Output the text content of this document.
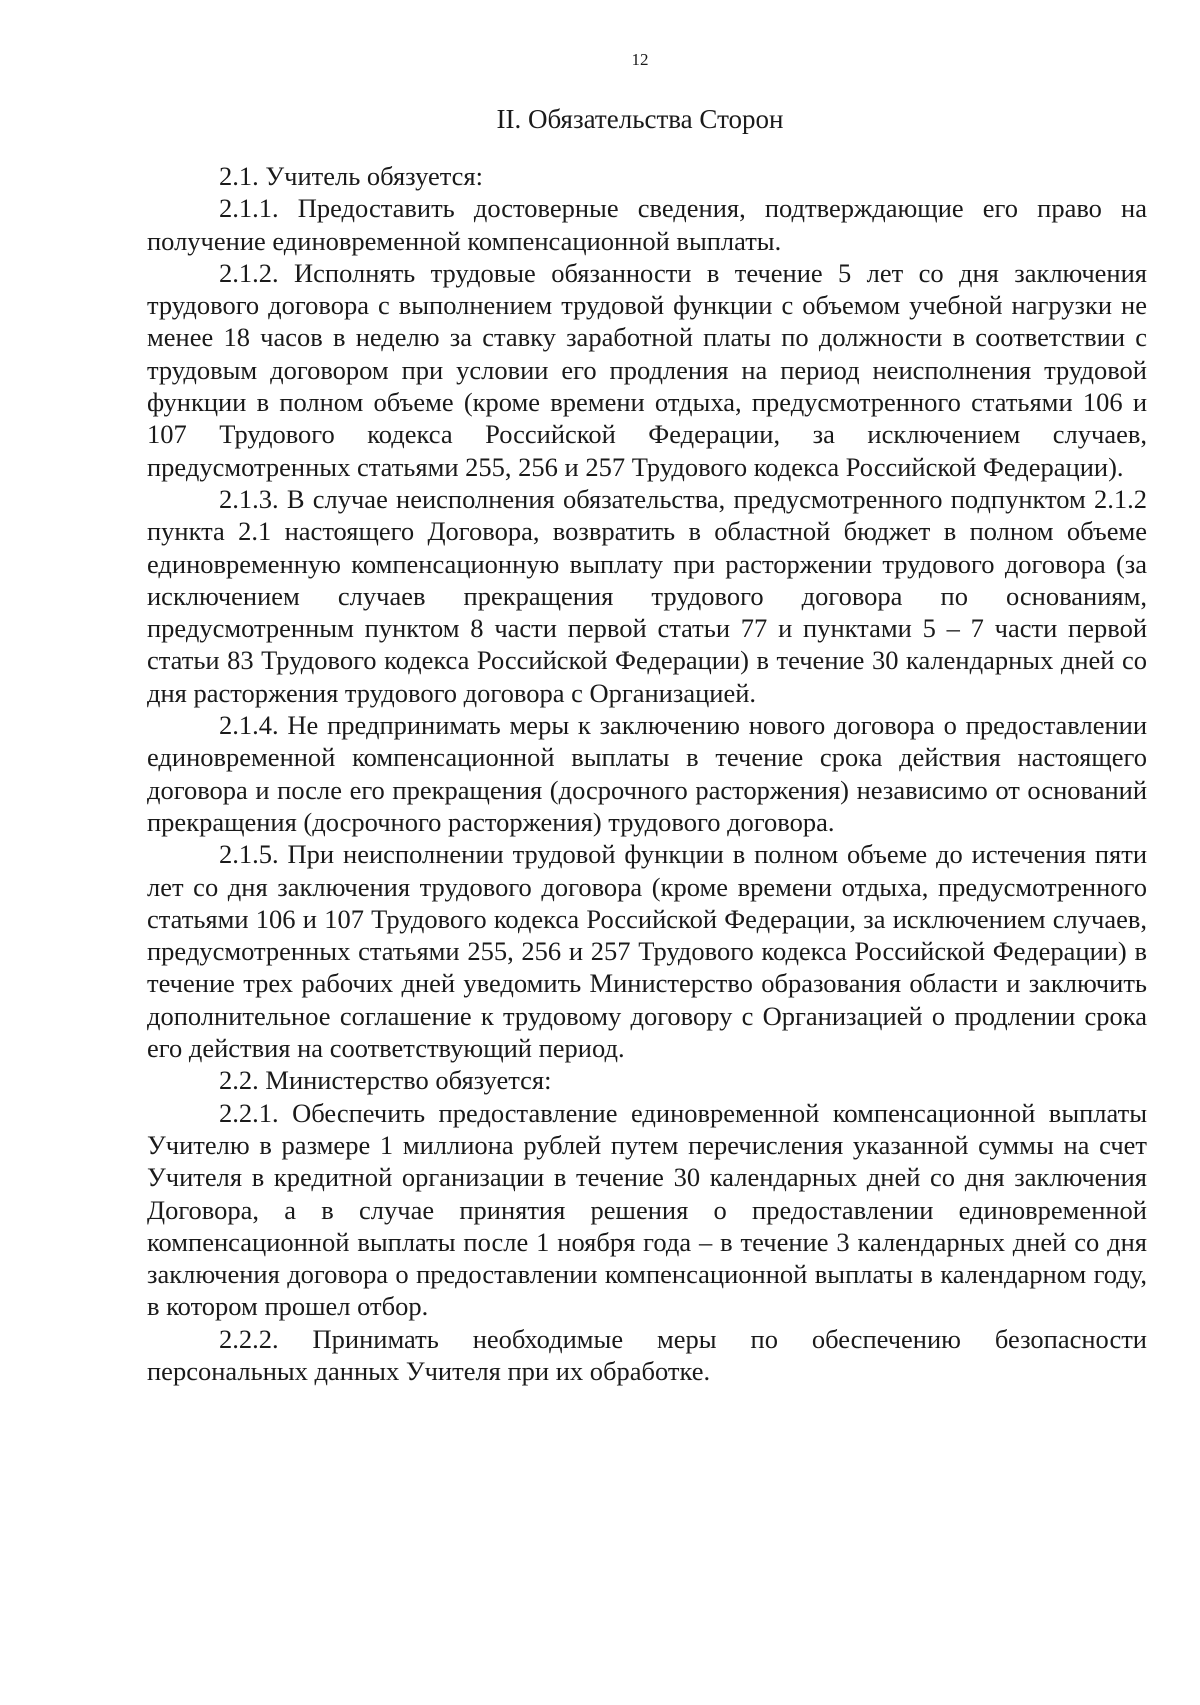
12
II. Обязательства Сторон

2.1. Учитель обязуется:

2.1.1. Предоставить достоверные сведения, подтверждающие его право на получение единовременной компенсационной выплаты.

2.1.2. Исполнять трудовые обязанности в течение 5 лет со дня заключения трудового договора с выполнением трудовой функции с объемом учебной нагрузки не менее 18 часов в неделю за ставку заработной платы по должности в соответствии с трудовым договором при условии его продления на период неисполнения трудовой функции в полном объеме (кроме времени отдыха, предусмотренного статьями 106 и 107 Трудового кодекса Российской Федерации, за исключением случаев, предусмотренных статьями 255, 256 и 257 Трудового кодекса Российской Федерации).

2.1.3. В случае неисполнения обязательства, предусмотренного подпунктом 2.1.2 пункта 2.1 настоящего Договора, возвратить в областной бюджет в полном объеме единовременную компенсационную выплату при расторжении трудового договора (за исключением случаев прекращения трудового договора по основаниям, предусмотренным пунктом 8 части первой статьи 77 и пунктами 5 – 7 части первой статьи 83 Трудового кодекса Российской Федерации) в течение 30 календарных дней со дня расторжения трудового договора с Организацией.

2.1.4. Не предпринимать меры к заключению нового договора о предоставлении единовременной компенсационной выплаты в течение срока действия настоящего договора и после его прекращения (досрочного расторжения) независимо от оснований прекращения (досрочного расторжения) трудового договора.

2.1.5. При неисполнении трудовой функции в полном объеме до истечения пяти лет со дня заключения трудового договора (кроме времени отдыха, предусмотренного статьями 106 и 107 Трудового кодекса Российской Федерации, за исключением случаев, предусмотренных статьями 255, 256 и 257 Трудового кодекса Российской Федерации) в течение трех рабочих дней уведомить Министерство образования области и заключить дополнительное соглашение к трудовому договору с Организацией о продлении срока его действия на соответствующий период.

2.2. Министерство обязуется:

2.2.1. Обеспечить предоставление единовременной компенсационной выплаты Учителю в размере 1 миллиона рублей путем перечисления указанной суммы на счет Учителя в кредитной организации в течение 30 календарных дней со дня заключения Договора, а в случае принятия решения о предоставлении единовременной компенсационной выплаты после 1 ноября года – в течение 3 календарных дней со дня заключения договора о предоставлении компенсационной выплаты в календарном году, в котором прошел отбор.

2.2.2. Принимать необходимые меры по обеспечению безопасности персональных данных Учителя при их обработке.
